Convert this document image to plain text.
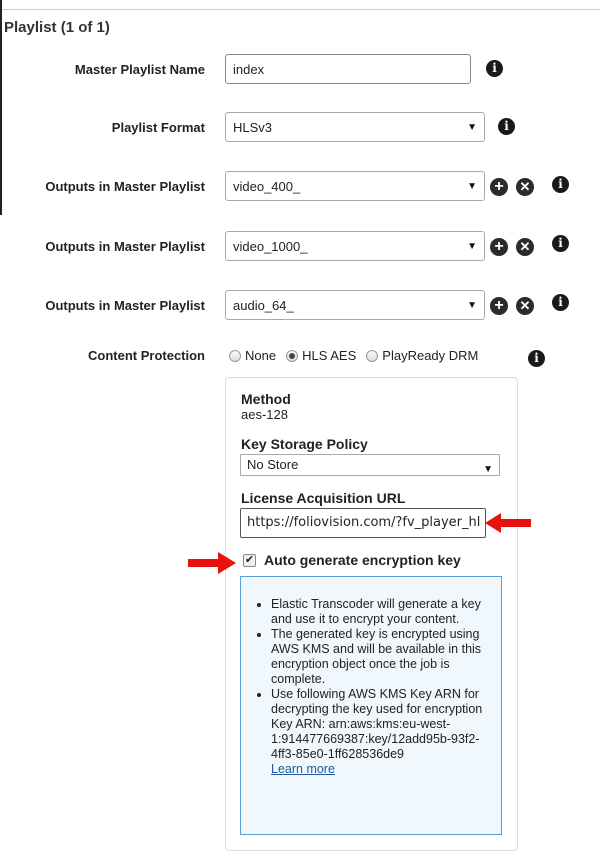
Playlist (1 of 1)
Master Playlist Name index	i
Playlist Format HLSv3	▼	i
Outputs in Master Playlist video_400_	▼ +	✕	i
Outputs in Master Playlist video_1000_	▼ +	✕	i
Outputs in Master Playlist audio_64_	▼ +	✕	i
Content Protection	None HLS AES PlayReady DRM	i
Method
aes-128
Key Storage Policy
No Store	▼
License Acquisition URL
https://foliovision.com/?fv_player_hl
✔ Auto generate encryption key
• Elastic Transcoder will generate a key and use it to encrypt your content.
• The generated key is encrypted using AWS KMS and will be available in this encryption object once the job is complete.
• Use following AWS KMS Key ARN for decrypting the key used for encryption
Key ARN: arn:aws:kms:eu-west-1:914477669387:key/12add95b-93f2-4ff3-85e0-1ff628536de9
Learn more
